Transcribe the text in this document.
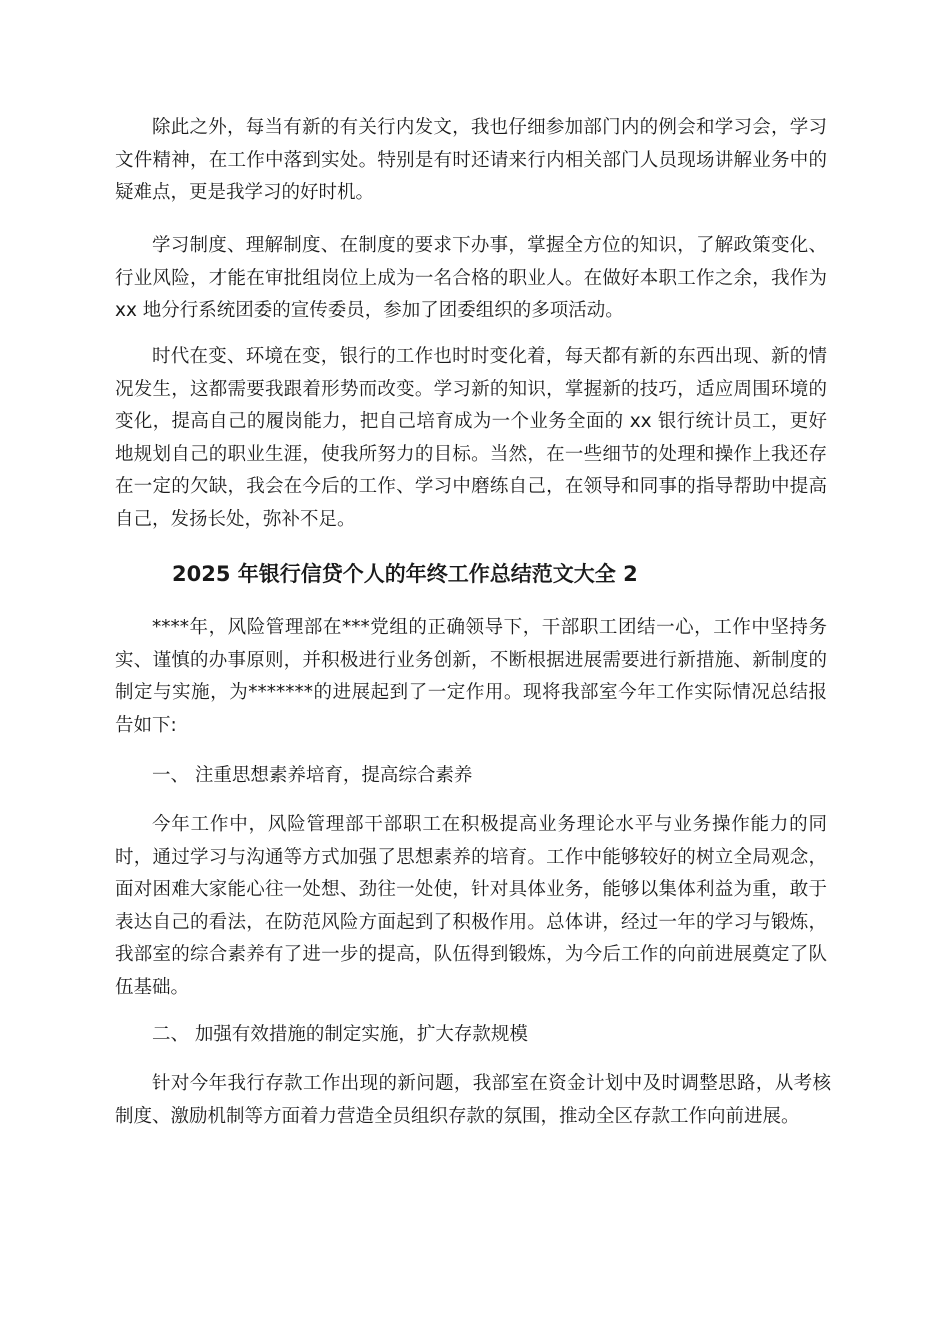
除此之外，每当有新的有关行内发文，我也仔细参加部门内的例会和学习会，学习文件精神，在工作中落到实处。特别是有时还请来行内相关部门人员现场讲解业务中的疑难点，更是我学习的好时机。

学习制度、理解制度、在制度的要求下办事，掌握全方位的知识，了解政策变化、行业风险，才能在审批组岗位上成为一名合格的职业人。在做好本职工作之余，我作为 xx 地分行系统团委的宣传委员，参加了团委组织的多项活动。

时代在变、环境在变，银行的工作也时时变化着，每天都有新的东西出现、新的情况发生，这都需要我跟着形势而改变。学习新的知识，掌握新的技巧，适应周围环境的变化，提高自己的履岗能力，把自己培育成为一个业务全面的 xx 银行统计员工，更好地规划自己的职业生涯，使我所努力的目标。当然，在一些细节的处理和操作上我还存在一定的欠缺，我会在今后的工作、学习中磨练自己，在领导和同事的指导帮助中提高自己，发扬长处，弥补不足。

2025 年银行信贷个人的年终工作总结范文大全 2

****年，风险管理部在***党组的正确领导下，干部职工团结一心，工作中坚持务实、谨慎的办事原则，并积极进行业务创新，不断根据进展需要进行新措施、新制度的制定与实施，为*******的进展起到了一定作用。现将我部室今年工作实际情况总结报告如下:

一、 注重思想素养培育，提高综合素养

今年工作中，风险管理部干部职工在积极提高业务理论水平与业务操作能力的同时，通过学习与沟通等方式加强了思想素养的培育。工作中能够较好的树立全局观念，面对困难大家能心往一处想、劲往一处使，针对具体业务，能够以集体利益为重，敢于表达自己的看法，在防范风险方面起到了积极作用。总体讲，经过一年的学习与锻炼，我部室的综合素养有了进一步的提高，队伍得到锻炼，为今后工作的向前进展奠定了队伍基础。

二、 加强有效措施的制定实施，扩大存款规模

针对今年我行存款工作出现的新问题，我部室在资金计划中及时调整思路，从考核制度、激励机制等方面着力营造全员组织存款的氛围，推动全区存款工作向前进展。
